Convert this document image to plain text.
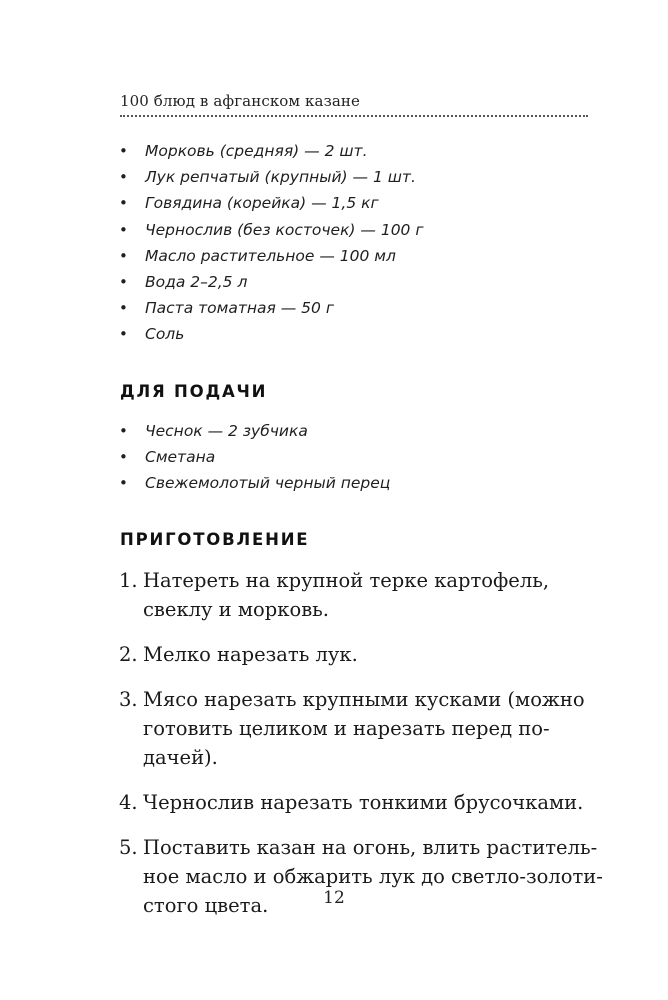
100 блюд в афганском казане
• Морковь (средняя) — 2 шт.
• Лук репчатый (крупный) — 1 шт.
• Говядина (корейка) — 1,5 кг
• Чернослив (без косточек) — 100 г
• Масло растительное — 100 мл
• Вода 2–2,5 л
• Паста томатная — 50 г
• Соль
ДЛЯ ПОДАЧИ
• Чеснок — 2 зубчика
• Сметана
• Свежемолотый черный перец
ПРИГОТОВЛЕНИЕ
1. Натереть на крупной терке картофель,
свеклу и морковь.
2. Мелко нарезать лук.
3. Мясо нарезать крупными кусками (можно
готовить целиком и нарезать перед по-
дачей).
4. Чернослив нарезать тонкими брусочками.
5. Поставить казан на огонь, влить раститель-
ное масло и обжарить лук до светло-золоти-
стого цвета.	12
